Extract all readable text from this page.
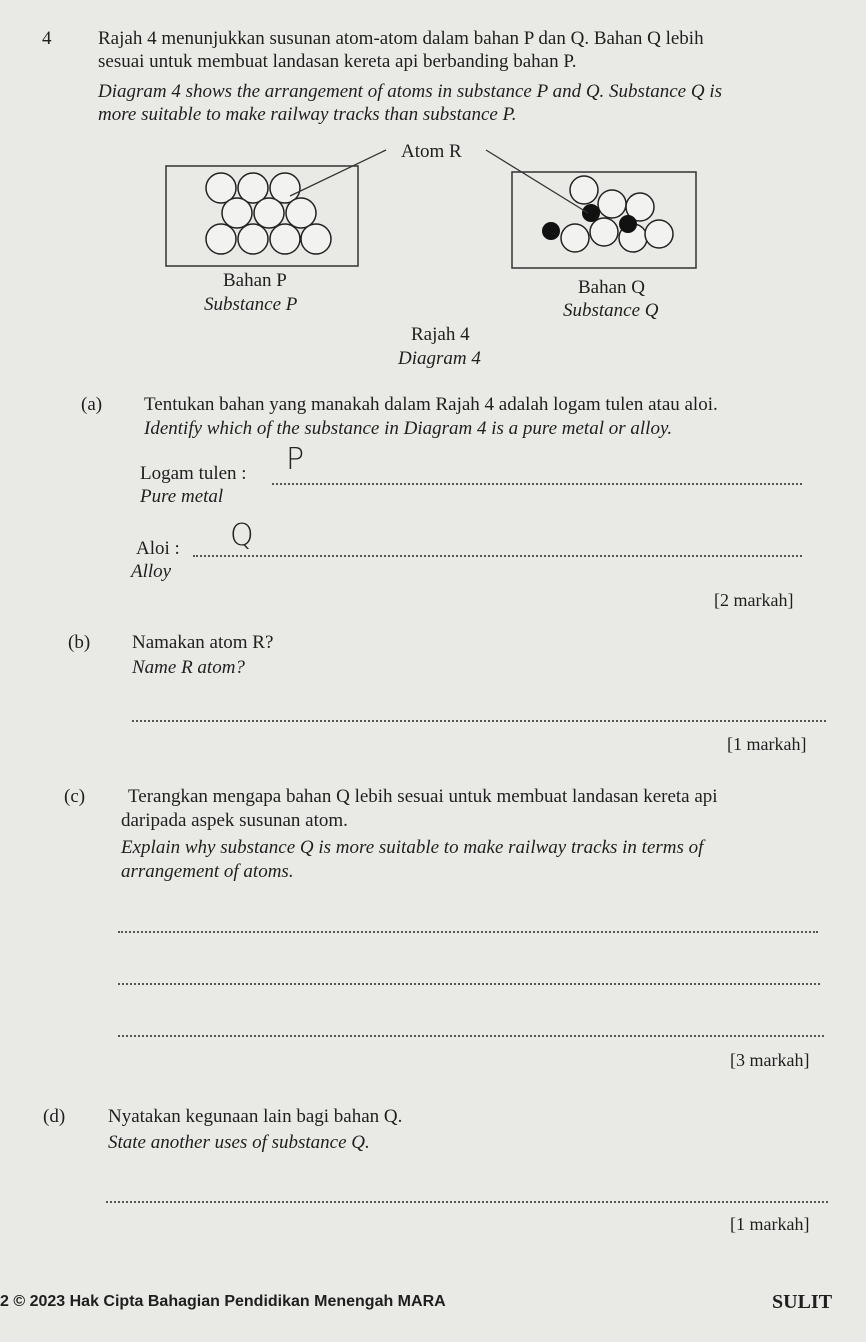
4 Rajah 4 menunjukkan susunan atom-atom dalam bahan P dan Q. Bahan Q lebih
sesuai untuk membuat landasan kereta api berbanding bahan P.
Diagram 4 shows the arrangement of atoms in substance P and Q. Substance Q is
more suitable to make railway tracks than substance P.
Atom R
Bahan P
Substance P
Bahan Q
Substance Q
Rajah 4
Diagram 4
(a) Tentukan bahan yang manakah dalam Rajah 4 adalah logam tulen atau aloi.
Identify which of the substance in Diagram 4 is a pure metal or alloy.
Logam tulen : P
Pure metal
Aloi : Q
Alloy
[2 markah]
(b) Namakan atom R?
Name R atom?
[1 markah]
(c) Terangkan mengapa bahan Q lebih sesuai untuk membuat landasan kereta api
daripada aspek susunan atom.
Explain why substance Q is more suitable to make railway tracks in terms of
arrangement of atoms.
[3 markah]
(d) Nyatakan kegunaan lain bagi bahan Q.
State another uses of substance Q.
[1 markah]
2 © 2023 Hak Cipta Bahagian Pendidikan Menengah MARA	SULIT
